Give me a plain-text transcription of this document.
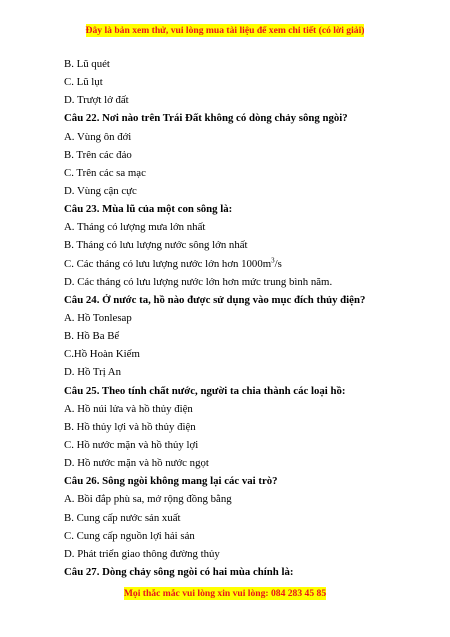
Đây là bản xem thử, vui lòng mua tài liệu để xem chi tiết (có lời giải)
B. Lũ quét
C. Lũ lụt
D. Trượt lở đất
Câu 22. Nơi nào trên Trái Đất không có dòng chảy sông ngòi?
A. Vùng ôn đới
B. Trên các đảo
C. Trên các sa mạc
D. Vùng cận cực
Câu 23. Mùa lũ của một con sông là:
A. Tháng có lượng mưa lớn nhất
B. Tháng có lưu lượng nước sông lớn nhất
C. Các tháng có lưu lượng nước lớn hơn $1000m^3/s$
D. Các tháng có lưu lượng nước lớn hơn mức trung bình năm.
Câu 24. Ở nước ta, hồ nào được sử dụng vào mục đích thủy điện?
A. Hồ Tonlesap
B. Hồ Ba Bể
C.Hồ Hoàn Kiếm
D. Hồ Trị An
Câu 25. Theo tính chất nước, người ta chia thành các loại hồ:
A. Hồ núi lửa và hồ thủy điện
B. Hồ thủy lợi và hồ thủy điện
C. Hồ nước mặn và hồ thủy lợi
D. Hồ nước mặn và hồ nước ngọt
Câu 26. Sông ngòi không mang lại các vai trò?
A. Bồi đắp phù sa, mở rộng đồng bằng
B. Cung cấp nước sản xuất
C. Cung cấp nguồn lợi hải sản
D. Phát triển giao thông đường thủy
Câu 27. Dòng chảy sông ngòi có hai mùa chính là:
Mọi thắc mắc vui lòng xin vui lòng: 084 283 45 85
